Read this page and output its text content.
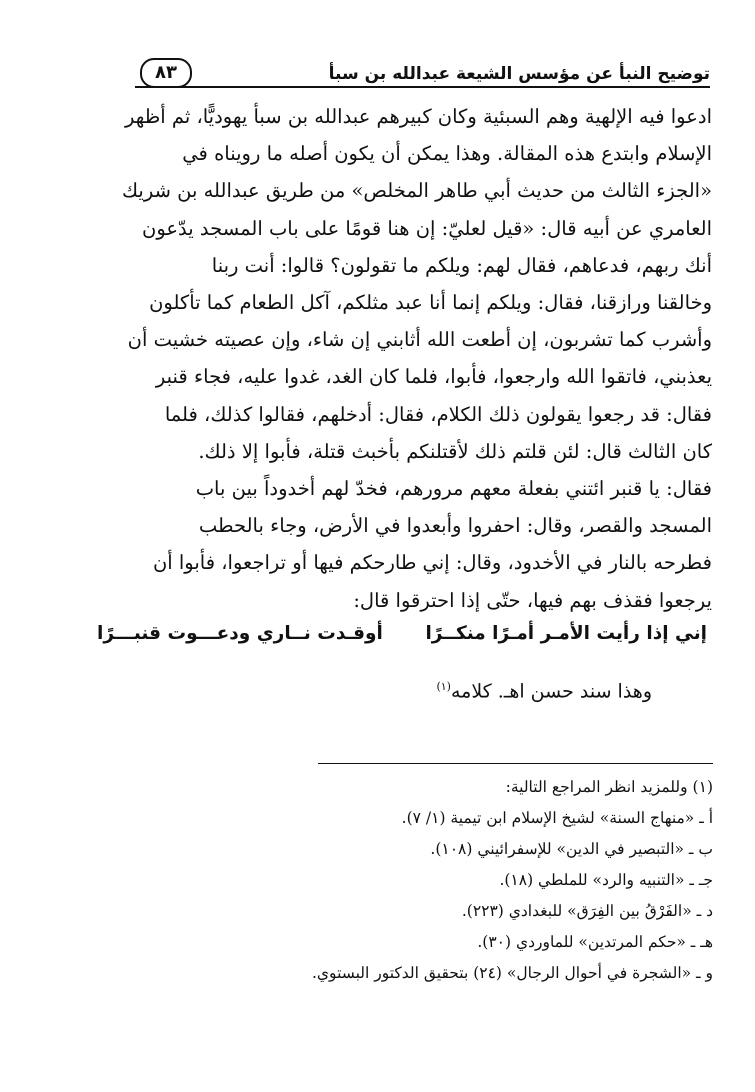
توضيح النبأ عن مؤسس الشيعة عبدالله بن سبأ
٨٣

ادعوا فيه الإلهية وهم السبئية وكان كبيرهم عبدالله بن سبأ يهوديًّا، ثم أظهر

الإسلام وابتدع هذه المقالة. وهذا يمكن أن يكون أصله ما رويناه في

«الجزء الثالث من حديث أبي طاهر المخلص» من طريق عبدالله بن شريك

العامري عن أبيه قال: «قيل لعليّ: إن هنا قومًا على باب المسجد يدّعون

أنك ربهم، فدعاهم، فقال لهم: ويلكم ما تقولون؟ قالوا: أنت ربنا

وخالقنا ورازقنا، فقال: ويلكم إنما أنا عبد مثلكم، آكل الطعام كما تأكلون

وأشرب كما تشربون، إن أطعت الله أثابني إن شاء، وإن عصيته خشيت أن

يعذبني، فاتقوا الله وارجعوا، فأبوا، فلما كان الغد، غدوا عليه، فجاء قنبر

فقال: قد رجعوا يقولون ذلك الكلام، فقال: أدخلهم، فقالوا كذلك، فلما

كان الثالث قال: لئن قلتم ذلك لأقتلنكم بأخبث قتلة، فأبوا إلا ذلك.

فقال: يا قنبر ائتني بفعلة معهم مرورهم، فخدّ لهم أخدوداً بين باب

المسجد والقصر، وقال: احفروا وأبعدوا في الأرض، وجاء بالحطب

فطرحه بالنار في الأخدود، وقال: إني طارحكم فيها أو تراجعوا، فأبوا أن

يرجعوا فقذف بهم فيها، حتّى إذا احترقوا قال:

إني إذا رأيت الأمـر أمـرًا منكــرًا
أوقـدت نــاري ودعـــوت قنبـــرًا
وهذا سند حسن اهـ. كلامه$^{(١)}$
(١) وللمزيد انظر المراجع التالية:
أ ـ «منهاج السنة» لشيخ الإسلام ابن تيمية (١/ ٧).
ب ـ «التبصير في الدين» للإسفرائيني (١٠٨).
جـ ـ «التنبيه والرد» للملطي (١٨).
د ـ «الفَرْقُ بين الفِرَق» للبغدادي (٢٢٣).
هـ ـ «حكم المرتدين» للماوردي (٣٠).
و ـ «الشجرة في أحوال الرجال» (٢٤) بتحقيق الدكتور البستوي.
